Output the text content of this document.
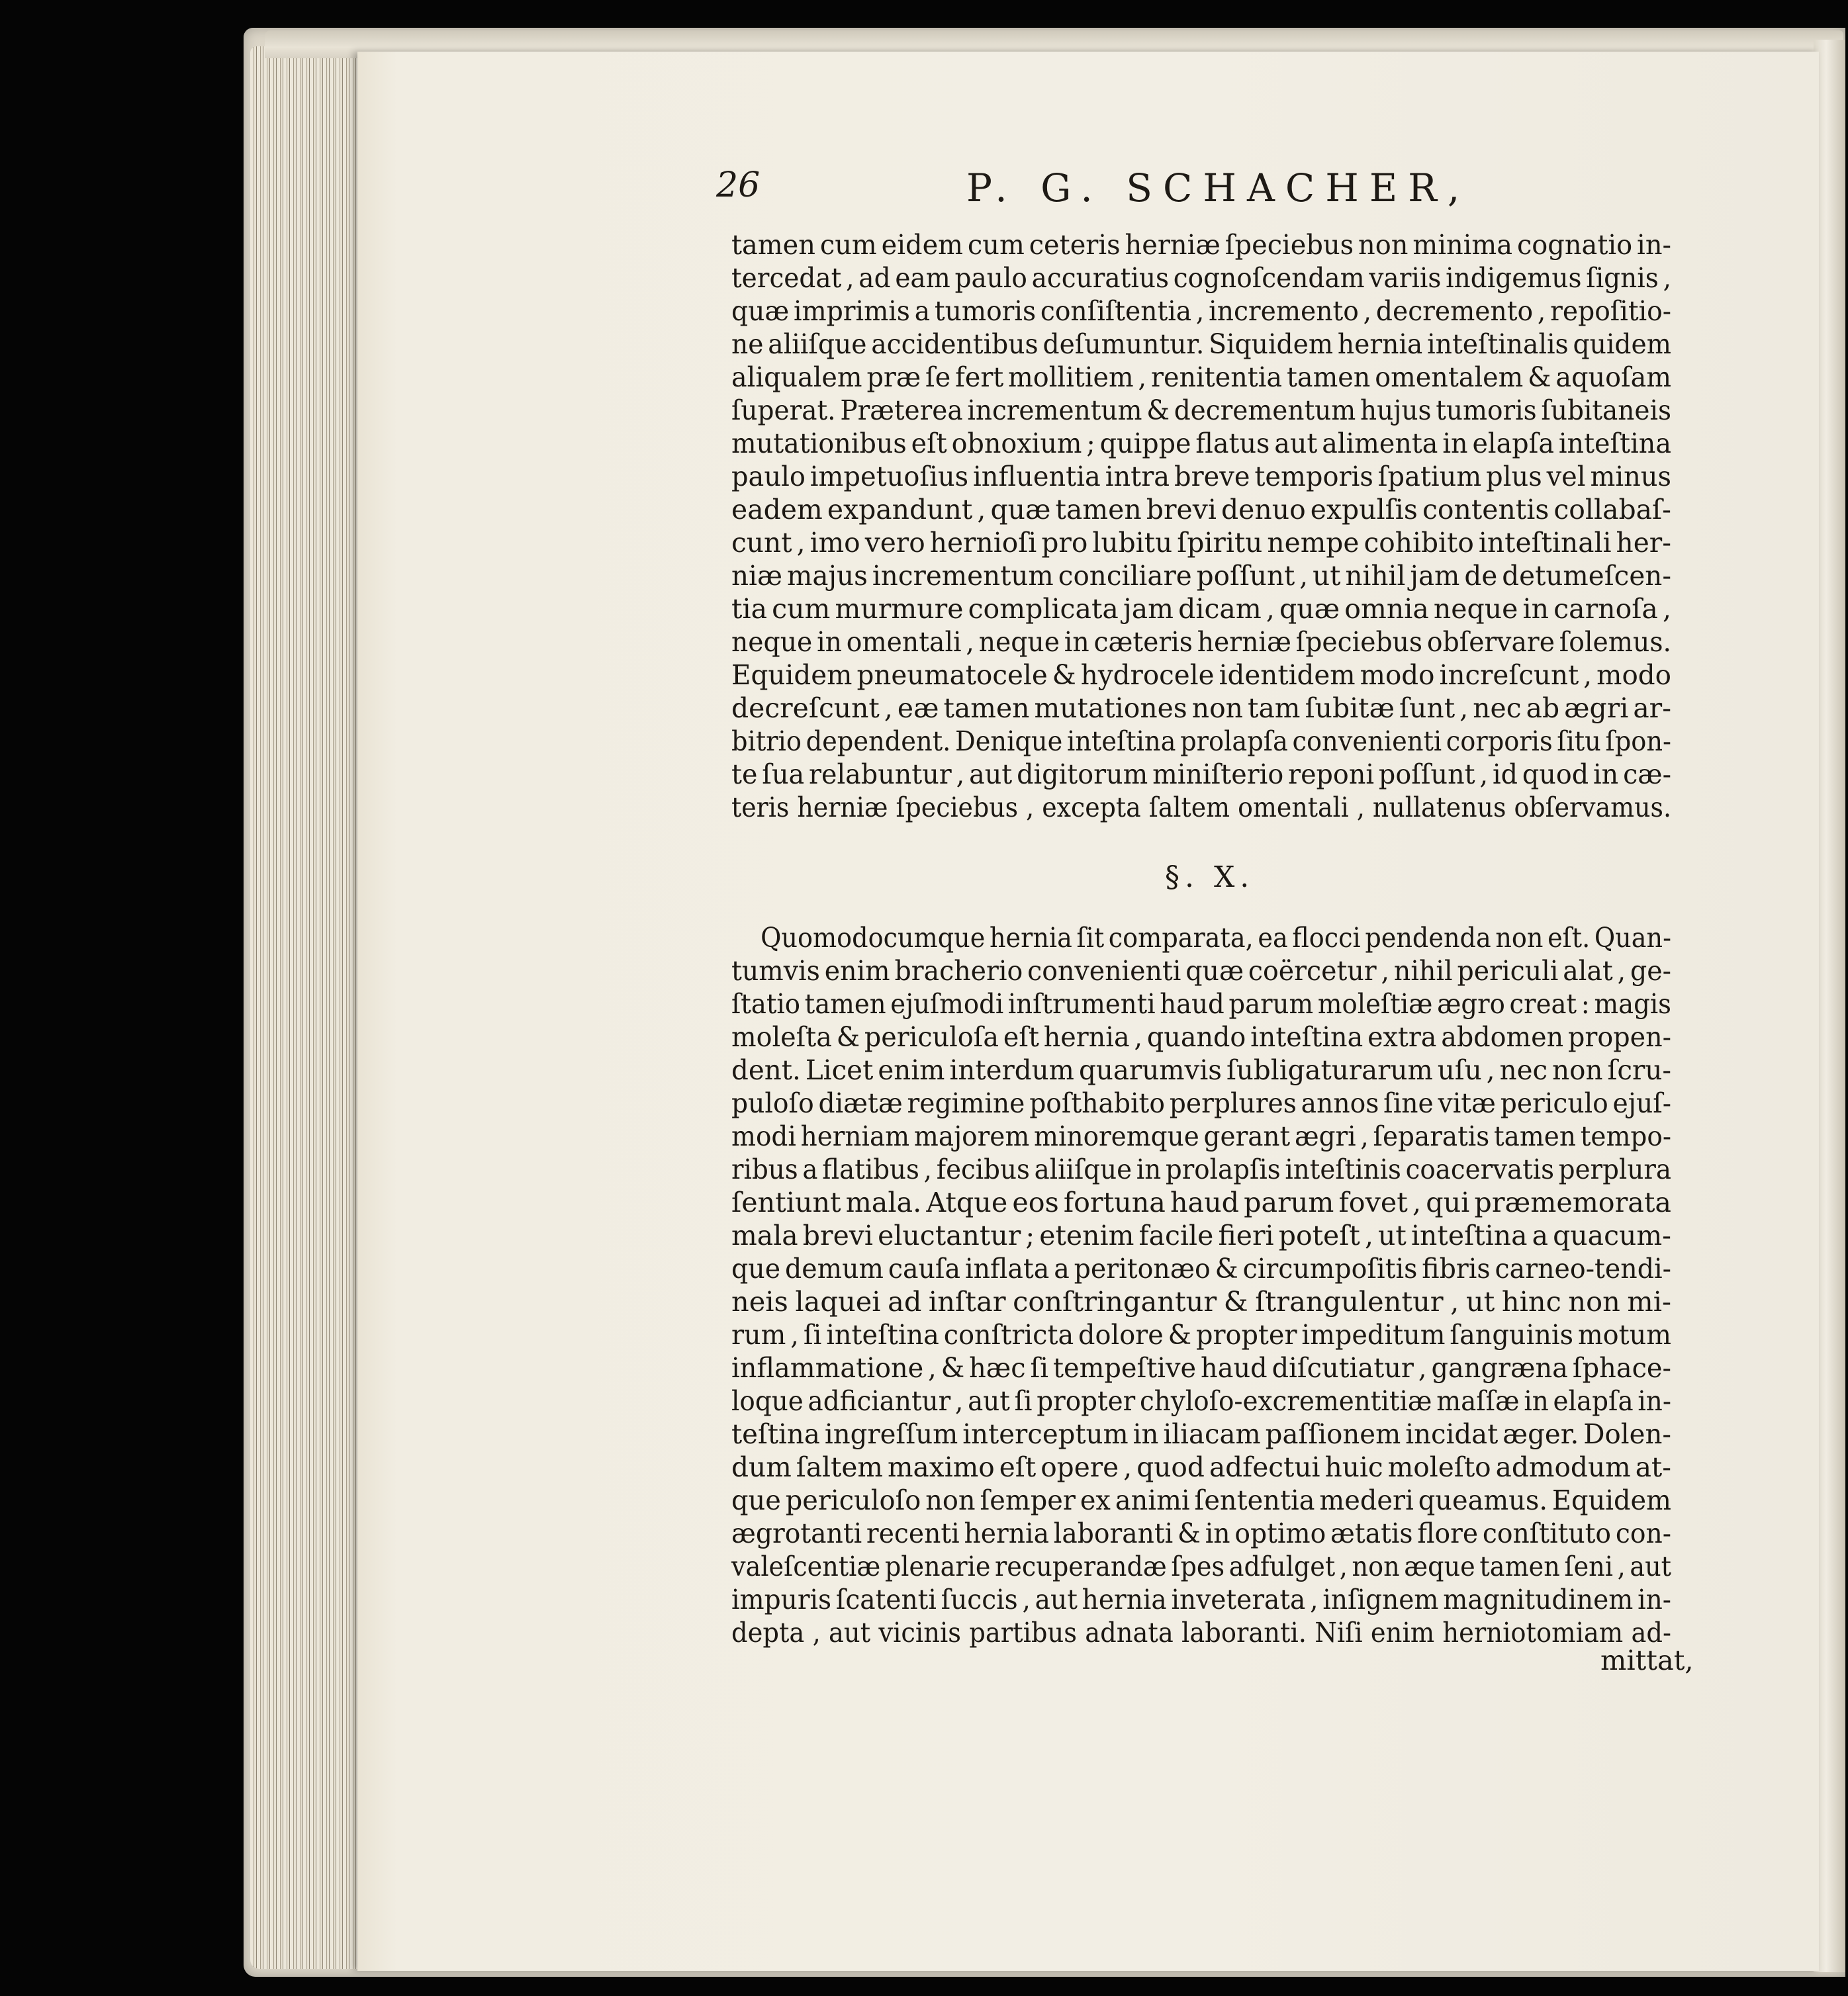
26	P. G. SCHACHER,
tamen cum eidem cum ceteris herniæ ſpeciebus non minima cognatio in-
tercedat , ad eam paulo accuratius cognoſcendam variis indigemus ſignis ,
quæ imprimis a tumoris conſiſtentia , incremento , decremento , repoſitio-
ne aliiſque accidentibus deſumuntur. Siquidem hernia inteſtinalis quidem
aliqualem præ ſe fert mollitiem , renitentia tamen omentalem & aquoſam
ſuperat. Præterea incrementum & decrementum hujus tumoris ſubitaneis
mutationibus eſt obnoxium ; quippe flatus aut alimenta in elapſa inteſtina
paulo impetuoſius influentia intra breve temporis ſpatium plus vel minus
eadem expandunt , quæ tamen brevi denuo expulſis contentis collabaſ-
cunt , imo vero hernioſi pro lubitu ſpiritu nempe cohibito inteſtinali her-
niæ majus incrementum conciliare poſſunt , ut nihil jam de detumeſcen-
tia cum murmure complicata jam dicam , quæ omnia neque in carnoſa ,
neque in omentali , neque in cæteris herniæ ſpeciebus obſervare ſolemus.
Equidem pneumatocele & hydrocele identidem modo increſcunt , modo
decreſcunt , eæ tamen mutationes non tam ſubitæ ſunt , nec ab ægri ar-
bitrio dependent. Denique inteſtina prolapſa convenienti corporis ſitu ſpon-
te ſua relabuntur , aut digitorum miniſterio reponi poſſunt , id quod in cæ-
teris herniæ ſpeciebus , excepta ſaltem omentali , nullatenus obſervamus.
§. X.
Quomodocumque hernia ſit comparata, ea flocci pendenda non eſt. Quan-
tumvis enim bracherio convenienti quæ coërcetur , nihil periculi alat , ge-
ſtatio tamen ejuſmodi inſtrumenti haud parum moleſtiæ ægro creat : magis
moleſta & periculoſa eſt hernia , quando inteſtina extra abdomen propen-
dent. Licet enim interdum quarumvis ſubligaturarum uſu , nec non ſcru-
puloſo diætæ regimine poſthabito perplures annos ſine vitæ periculo ejuſ-
modi herniam majorem minoremque gerant ægri , ſeparatis tamen tempo-
ribus a flatibus , fecibus aliiſque in prolapſis inteſtinis coacervatis perplura
ſentiunt mala. Atque eos fortuna haud parum fovet , qui præmemorata
mala brevi eluctantur ; etenim facile fieri poteſt , ut inteſtina a quacum-
que demum cauſa inflata a peritonæo & circumpoſitis fibris carneo-tendi-
neis laquei ad inſtar conſtringantur & ſtrangulentur , ut hinc non mi-
rum , ſi inteſtina conſtricta dolore & propter impeditum ſanguinis motum
inflammatione , & hæc ſi tempeſtive haud diſcutiatur , gangræna ſphace-
loque adficiantur , aut ſi propter chyloſo-excrementitiæ maſſæ in elapſa in-
teſtina ingreſſum interceptum in iliacam paſſionem incidat æger. Dolen-
dum ſaltem maximo eſt opere , quod adfectui huic moleſto admodum at-
que periculoſo non ſemper ex animi ſententia mederi queamus. Equidem
ægrotanti recenti hernia laboranti & in optimo ætatis flore conſtituto con-
valeſcentiæ plenarie recuperandæ ſpes adfulget , non æque tamen ſeni , aut
impuris ſcatenti ſuccis , aut hernia inveterata , inſignem magnitudinem in-
depta , aut vicinis partibus adnata laboranti. Niſi enim herniotomiam ad-
mittat,
